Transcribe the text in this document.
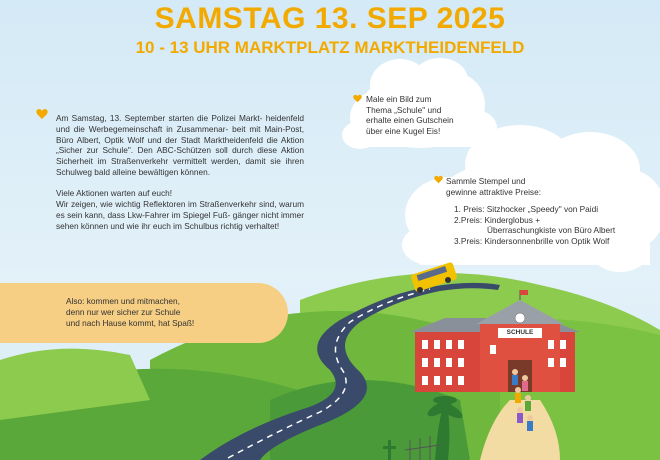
SAMSTAG 13. SEP 2025
10 - 13 UHR MARKTPLATZ MARKTHEIDENFELD

Am Samstag, 13. September starten die Polizei Markt- heidenfeld und die Werbegemeinschaft in Zusammenar- beit mit Main-Post, Büro Albert, Optik Wolf und der Stadt Marktheidenfeld die Aktion „Sicher zur Schule". Den ABC-Schützen soll durch diese Aktion Sicherheit im Straßenverkehr vermittelt werden, damit sie ihren Schulweg bald alleine bewältigen können.

Viele Aktionen warten auf euch!
Wir zeigen, wie wichtig Reflektoren im Straßenverkehr sind, warum es sein kann, dass Lkw-Fahrer im Spiegel Fuß- gänger nicht immer sehen können und wie ihr euch im Schulbus richtig verhaltet!

Also: kommen und mitmachen,
denn nur wer sicher zur Schule
und nach Hause kommt, hat Spaß!
Male ein Bild zum
Thema „Schule" und
erhalte einen Gutschein
über eine Kugel Eis!
Sammle Stempel und
gewinne attraktive Preise:
1. Preis: Sitzhocker „Speedy" von Paidi
2.Preis: Kinderglobus +
Überraschungkiste von Büro Albert
3.Preis: Kindersonnenbrille von Optik Wolf
SCHULE
